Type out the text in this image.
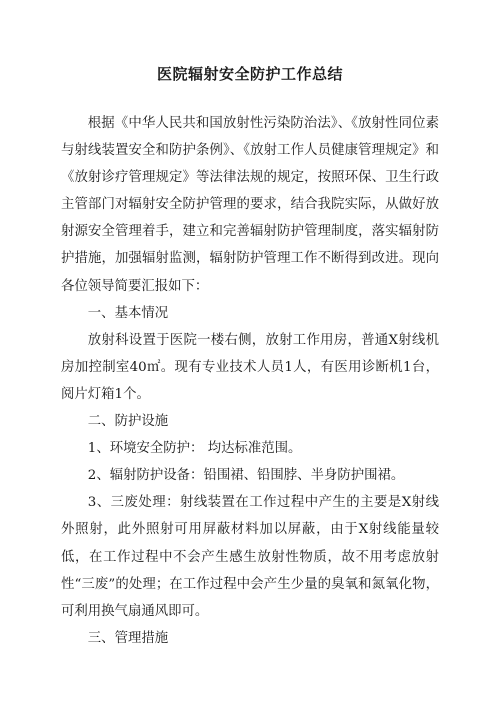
医院辐射安全防护工作总结

根据《中华人民共和国放射性污染防治法》、《放射性同位素与射线装置安全和防护条例》、《放射工作人员健康管理规定》和《放射诊疗管理规定》等法律法规的规定，按照环保、卫生行政主管部门对辐射安全防护管理的要求，结合我院实际，从做好放射源安全管理着手，建立和完善辐射防护管理制度，落实辐射防护措施，加强辐射监测，辐射防护管理工作不断得到改进。现向各位领导简要汇报如下：

一、基本情况

放射科设置于医院一楼右侧，放射工作用房，普通X射线机房加控制室40㎡。现有专业技术人员1人，有医用诊断机1台，阅片灯箱1个。

二、防护设施

1、环境安全防护： 均达标准范围。

2、辐射防护设备：铅围裙、铅围脖、半身防护围裙。

3、三废处理：射线装置在工作过程中产生的主要是X射线外照射，此外照射可用屏蔽材料加以屏蔽，由于X射线能量较低，在工作过程中不会产生感生放射性物质，故不用考虑放射性“三废”的处理；在工作过程中会产生少量的臭氧和氮氧化物，可利用换气扇通风即可。

三、管理措施
